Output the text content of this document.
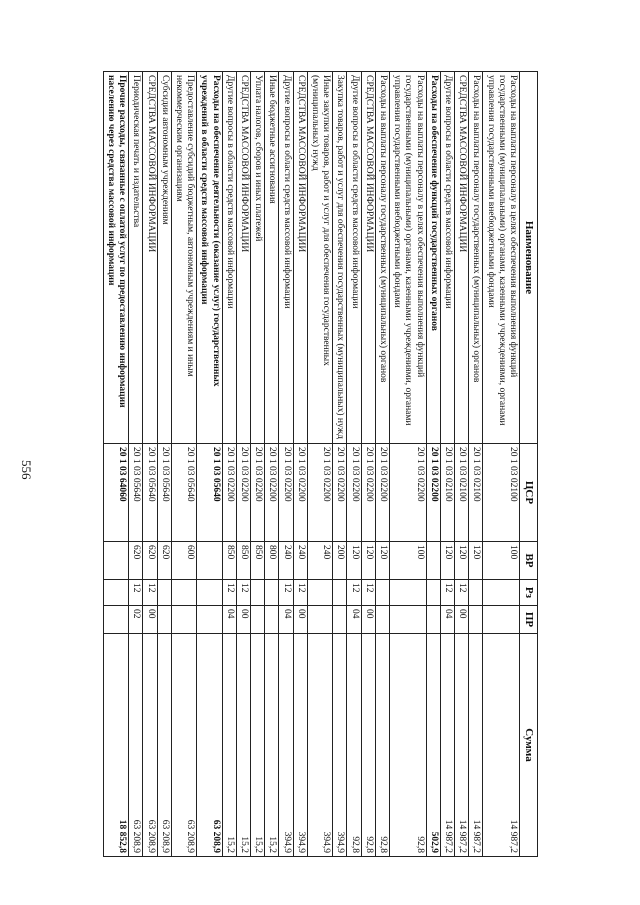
556
Наименование	ЦСР	ВР	Рз	ПР	Сумма
Расходы на выплаты персоналу в целях обеспечения выполнения функций государственными (муниципальными) органами, казенными учреждениями, органами управления государственными внебюджетными фондами	20 1 03 02100	100			14 987,2
Расходы на выплаты персоналу государственных (муниципальных) органов	20 1 03 02100	120			14 987,2
СРЕДСТВА МАССОВОЙ ИНФОРМАЦИИ	20 1 03 02100	120	12	00	14 987,2
Другие вопросы в области средств массовой информации	20 1 03 02100	120	12	04	14 987,2
Расходы на обеспечение функций государственных органов	20 1 03 02200				502,9
Расходы на выплаты персоналу в целях обеспечения выполнения функций государственными (муниципальными) органами, казенными учреждениями, органами управления государственными внебюджетными фондами	20 1 03 02200	100			92,8
Расходы на выплаты персоналу государственных (муниципальных) органов	20 1 03 02200	120			92,8
СРЕДСТВА МАССОВОЙ ИНФОРМАЦИИ	20 1 03 02200	120	12	00	92,8
Другие вопросы в области средств массовой информации	20 1 03 02200	120	12	04	92,8
Закупка товаров, работ и услуг для обеспечения государственных (муниципальных) нужд	20 1 03 02200	200			394,9
Иные закупки товаров, работ и услуг для обеспечения государственных (муниципальных) нужд	20 1 03 02200	240			394,9
СРЕДСТВА МАССОВОЙ ИНФОРМАЦИИ	20 1 03 02200	240	12	00	394,9
Другие вопросы в области средств массовой информации	20 1 03 02200	240	12	04	394,9
Иные бюджетные ассигнования	20 1 03 02200	800			15,2
Уплата налогов, сборов и иных платежей	20 1 03 02200	850			15,2
СРЕДСТВА МАССОВОЙ ИНФОРМАЦИИ	20 1 03 02200	850	12	00	15,2
Другие вопросы в области средств массовой информации	20 1 03 02200	850	12	04	15,2
Расходы на обеспечение деятельности (оказание услуг) государственных учреждений в области средств массовой информации	20 1 03 05640				63 208,9
Предоставление субсидий бюджетным, автономным учреждениям и иным некоммерческим организациям	20 1 03 05640	600			63 208,9
Субсидии автономным учреждениям	20 1 03 05640	620			63 208,9
СРЕДСТВА МАССОВОЙ ИНФОРМАЦИИ	20 1 03 05640	620	12	00	63 208,9
Периодическая печать и издательства	20 1 03 05640	620	12	02	63 208,9
Прочие расходы, связанные с оплатой услуг по предоставлению информации населению через средства массовой информации	20 1 03 64060				18 852,8
